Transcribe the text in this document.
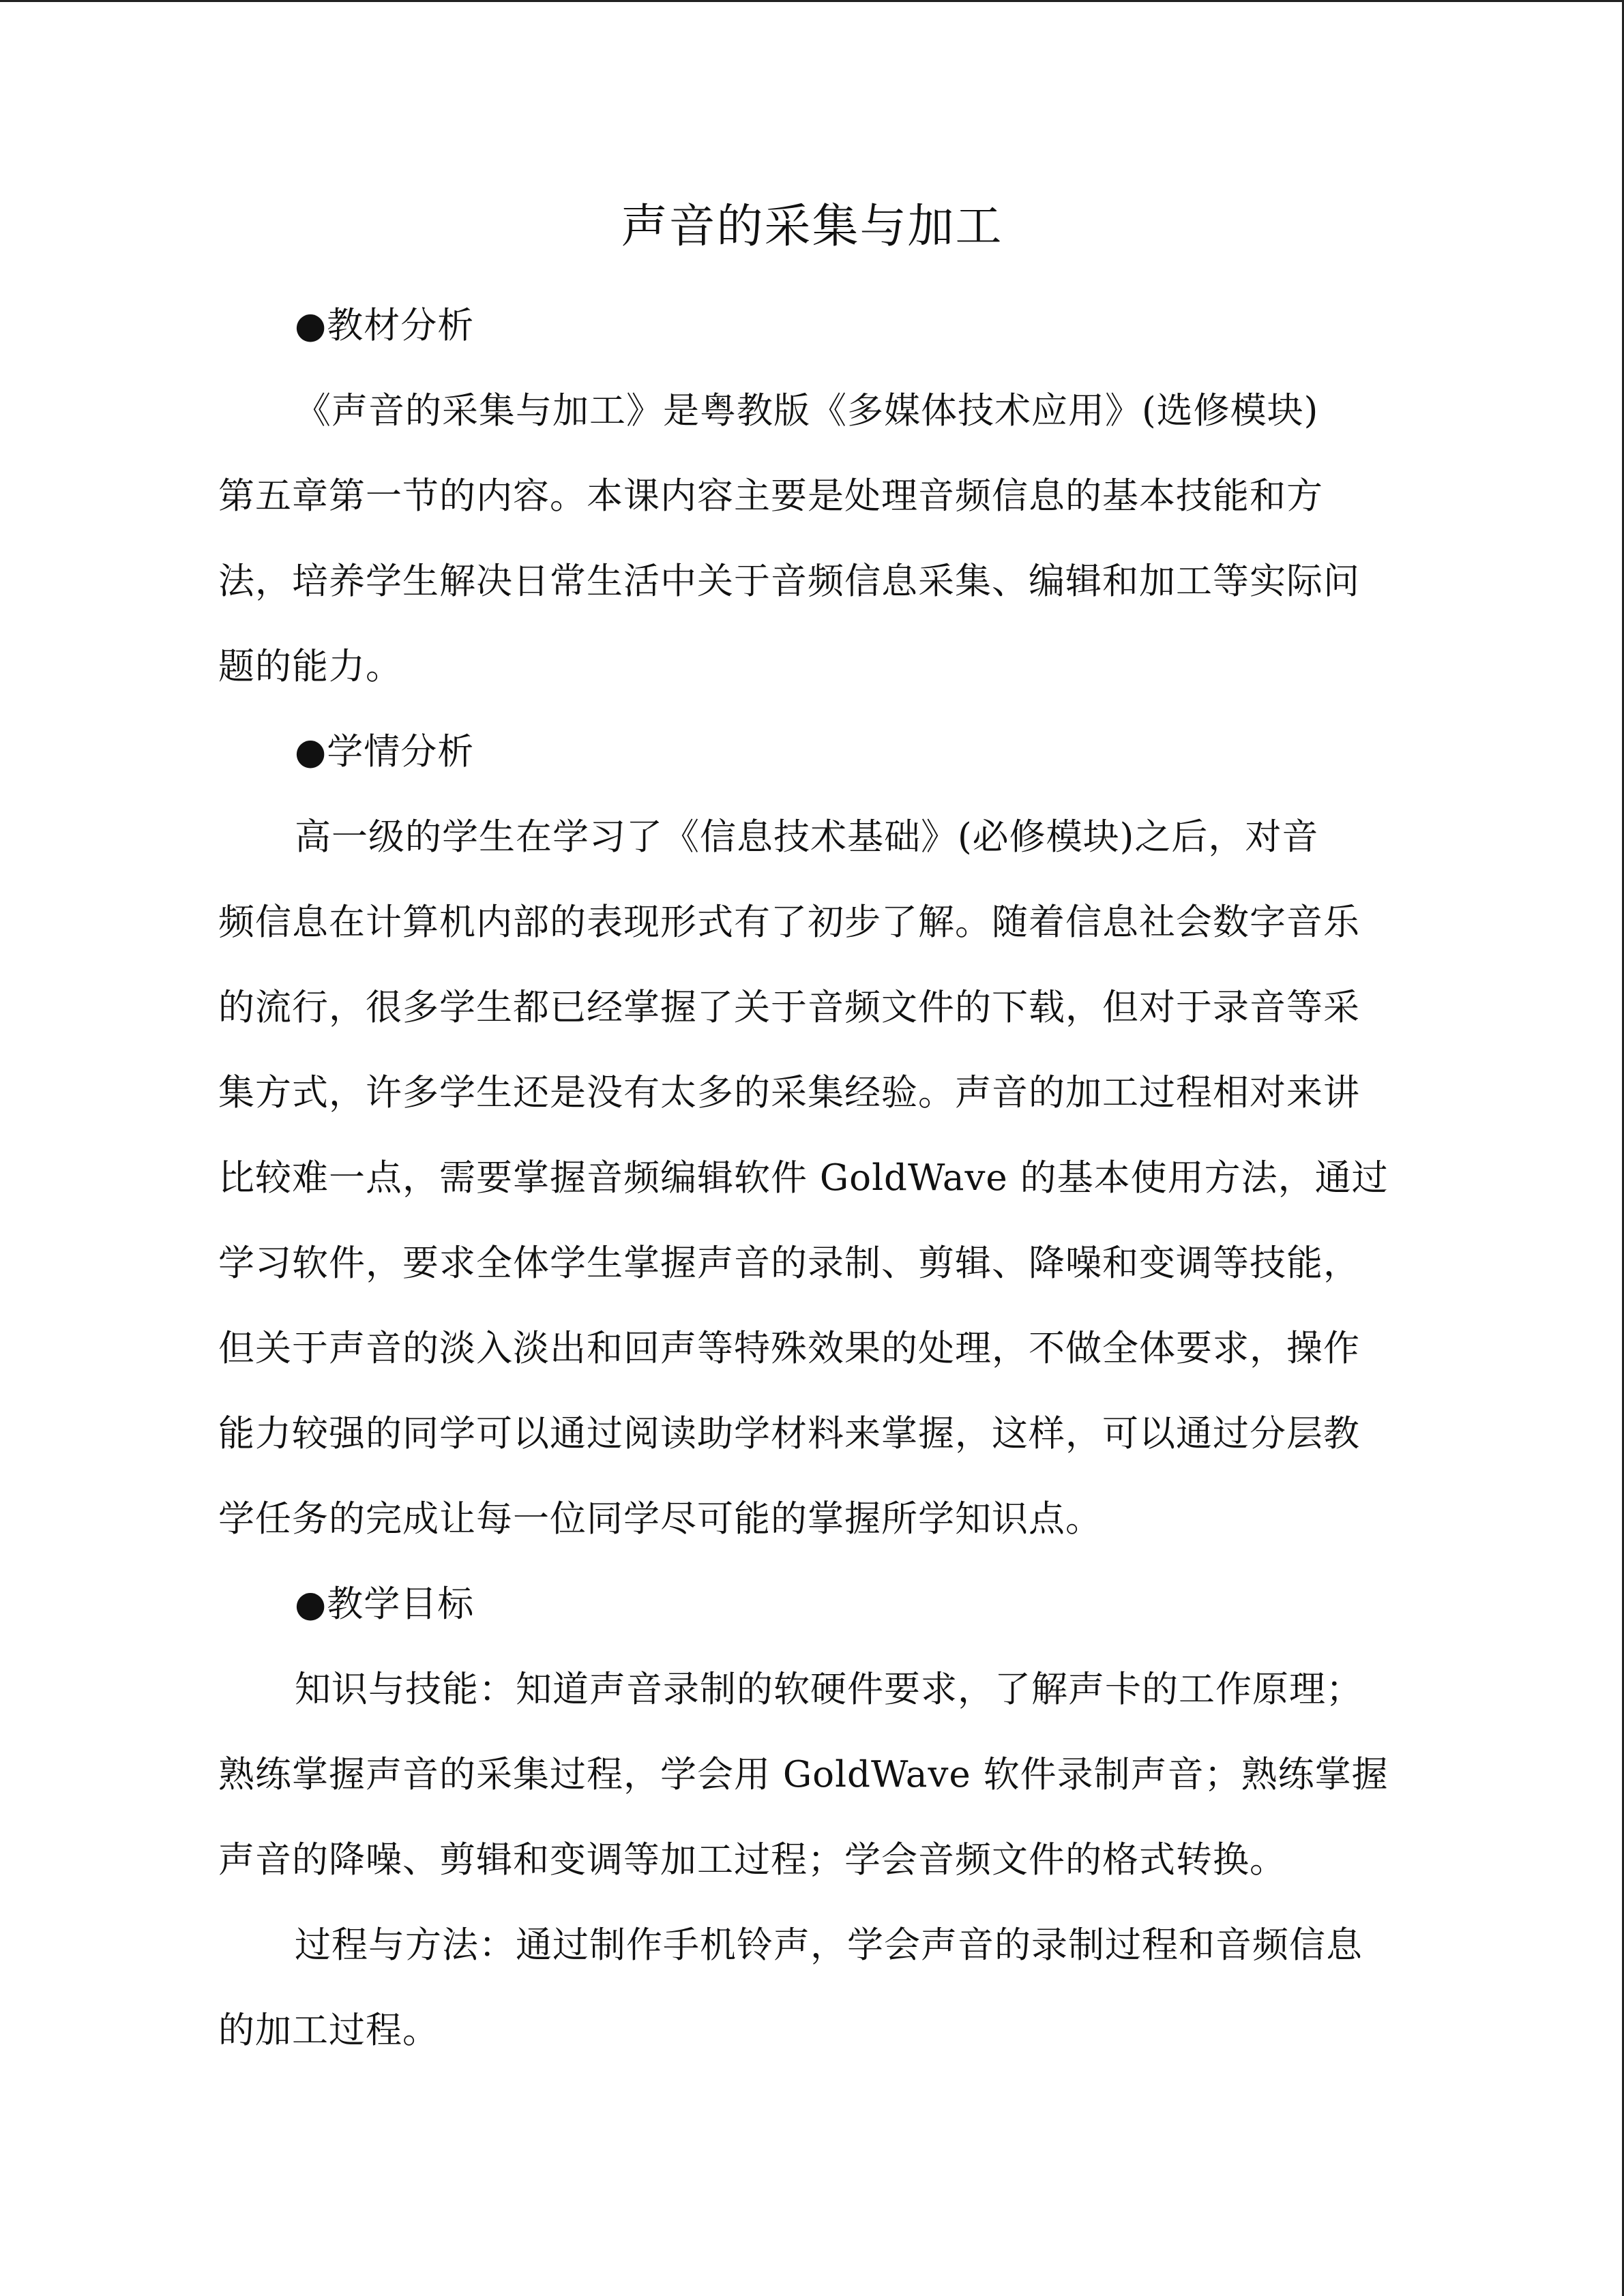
声音的采集与加工
●教材分析
《声音的采集与加工》是粤教版《多媒体技术应用》(选修模块)
第五章第一节的内容。本课内容主要是处理音频信息的基本技能和方
法，培养学生解决日常生活中关于音频信息采集、编辑和加工等实际问
题的能力。
●学情分析
高一级的学生在学习了《信息技术基础》(必修模块)之后，对音
频信息在计算机内部的表现形式有了初步了解。随着信息社会数字音乐
的流行，很多学生都已经掌握了关于音频文件的下载，但对于录音等采
集方式，许多学生还是没有太多的采集经验。声音的加工过程相对来讲
比较难一点，需要掌握音频编辑软件 GoldWave 的基本使用方法，通过
学习软件，要求全体学生掌握声音的录制、剪辑、降噪和变调等技能，
但关于声音的淡入淡出和回声等特殊效果的处理，不做全体要求，操作
能力较强的同学可以通过阅读助学材料来掌握，这样，可以通过分层教
学任务的完成让每一位同学尽可能的掌握所学知识点。
●教学目标
知识与技能：知道声音录制的软硬件要求，了解声卡的工作原理；
熟练掌握声音的采集过程，学会用 GoldWave 软件录制声音；熟练掌握
声音的降噪、剪辑和变调等加工过程；学会音频文件的格式转换。
过程与方法：通过制作手机铃声，学会声音的录制过程和音频信息
的加工过程。
